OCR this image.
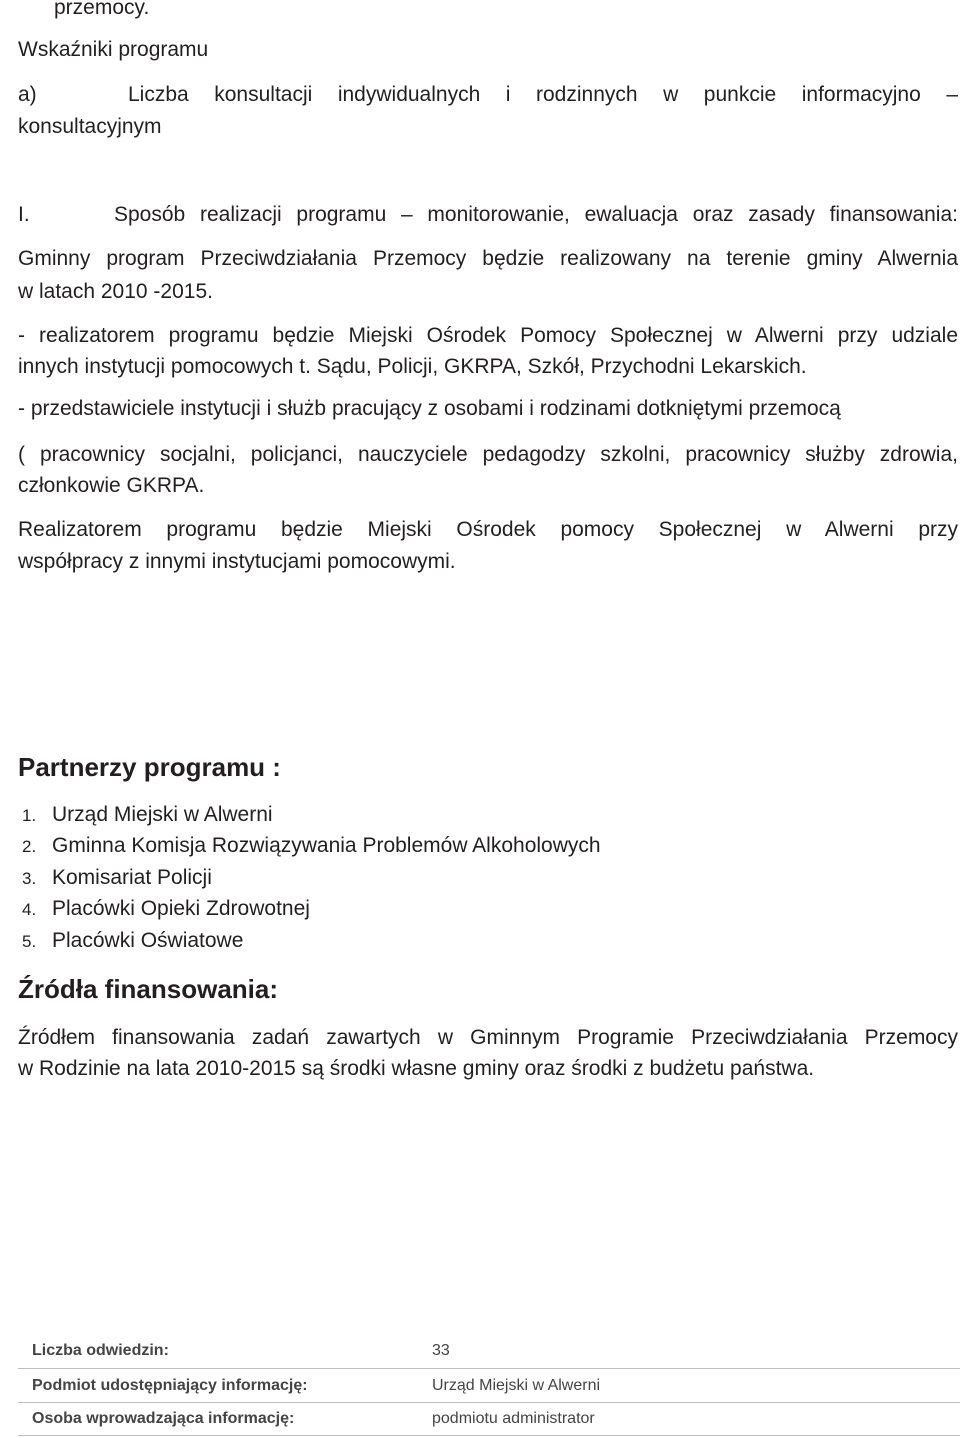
przemocy.

Wskaźniki programu

a)	Liczba konsultacji indywidualnych i rodzinnych w punkcie informacyjno –

konsultacyjnym

I.	Sposób realizacji programu – monitorowanie, ewaluacja oraz zasady finansowania:

Gminny program Przeciwdziałania Przemocy będzie realizowany na terenie gminy Alwernia

w latach 2010 -2015.

- realizatorem programu będzie Miejski Ośrodek Pomocy Społecznej w Alwerni przy udziale

innych instytucji pomocowych t. Sądu, Policji, GKRPA, Szkół, Przychodni Lekarskich.

- przedstawiciele instytucji i służb pracujący z osobami i rodzinami dotkniętymi przemocą

( pracownicy socjalni, policjanci, nauczyciele pedagodzy szkolni, pracownicy służby zdrowia,

członkowie GKRPA.

Realizatorem programu będzie Miejski Ośrodek pomocy Społecznej w Alwerni przy

współpracy z innymi instytucjami pomocowymi.

Partnerzy programu :
1. Urząd Miejski w Alwerni
2. Gminna Komisja Rozwiązywania Problemów Alkoholowych
3. Komisariat Policji
4. Placówki Opieki Zdrowotnej
5. Placówki Oświatowe
Źródła finansowania:

Źródłem finansowania zadań zawartych w Gminnym Programie Przeciwdziałania Przemocy

w Rodzinie na lata 2010-2015 są środki własne gminy oraz środki z budżetu państwa.

Liczba odwiedzin:	33
Podmiot udostępniający informację:	Urząd Miejski w Alwerni
Osoba wprowadzająca informację:	podmiotu administrator
